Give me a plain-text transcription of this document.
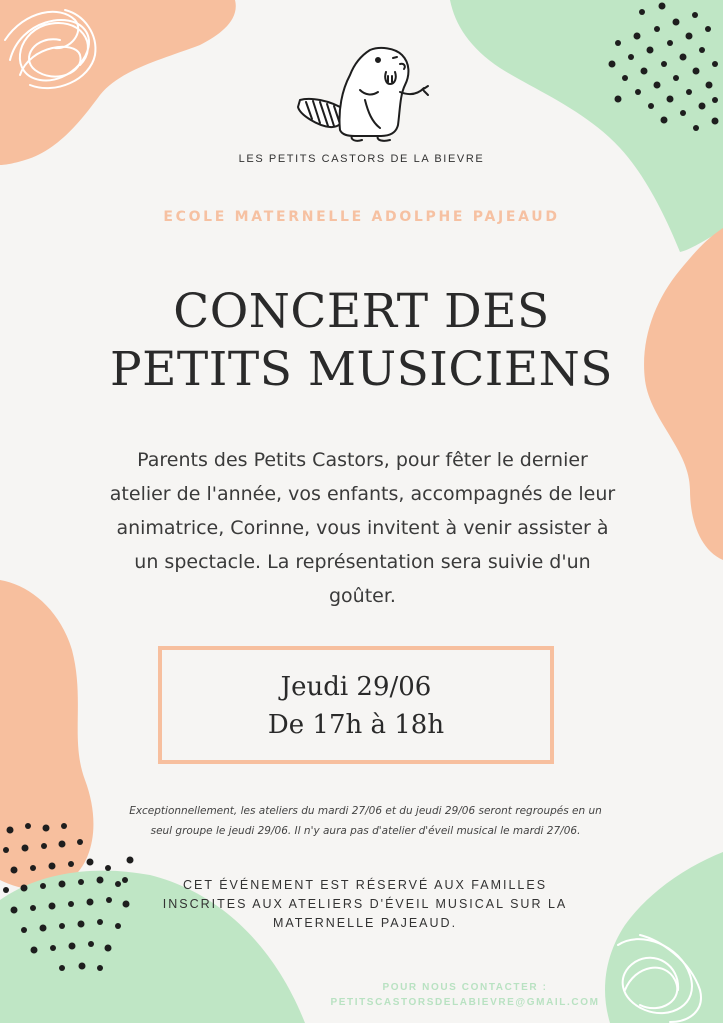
LES PETITS CASTORS DE LA BIEVRE
ECOLE MATERNELLE ADOLPHE PAJEAUD
CONCERT DES
PETITS MUSICIENS
Parents des Petits Castors, pour fêter le dernier atelier de l'année, vos enfants, accompagnés de leur animatrice, Corinne, vous invitent à venir assister à un spectacle. La représentation sera suivie d'un goûter.
Jeudi 29/06
De 17h à 18h
Exceptionnellement, les ateliers du mardi 27/06 et du jeudi 29/06 seront regroupés en un seul groupe le jeudi 29/06. Il n'y aura pas d'atelier d'éveil musical le mardi 27/06.
CET ÉVÉNEMENT EST RÉSERVÉ AUX FAMILLES INSCRITES AUX ATELIERS D'ÉVEIL MUSICAL SUR LA MATERNELLE PAJEAUD.
POUR NOUS CONTACTER :
PETITSCASTORSDELABIEVRE@GMAIL.COM
